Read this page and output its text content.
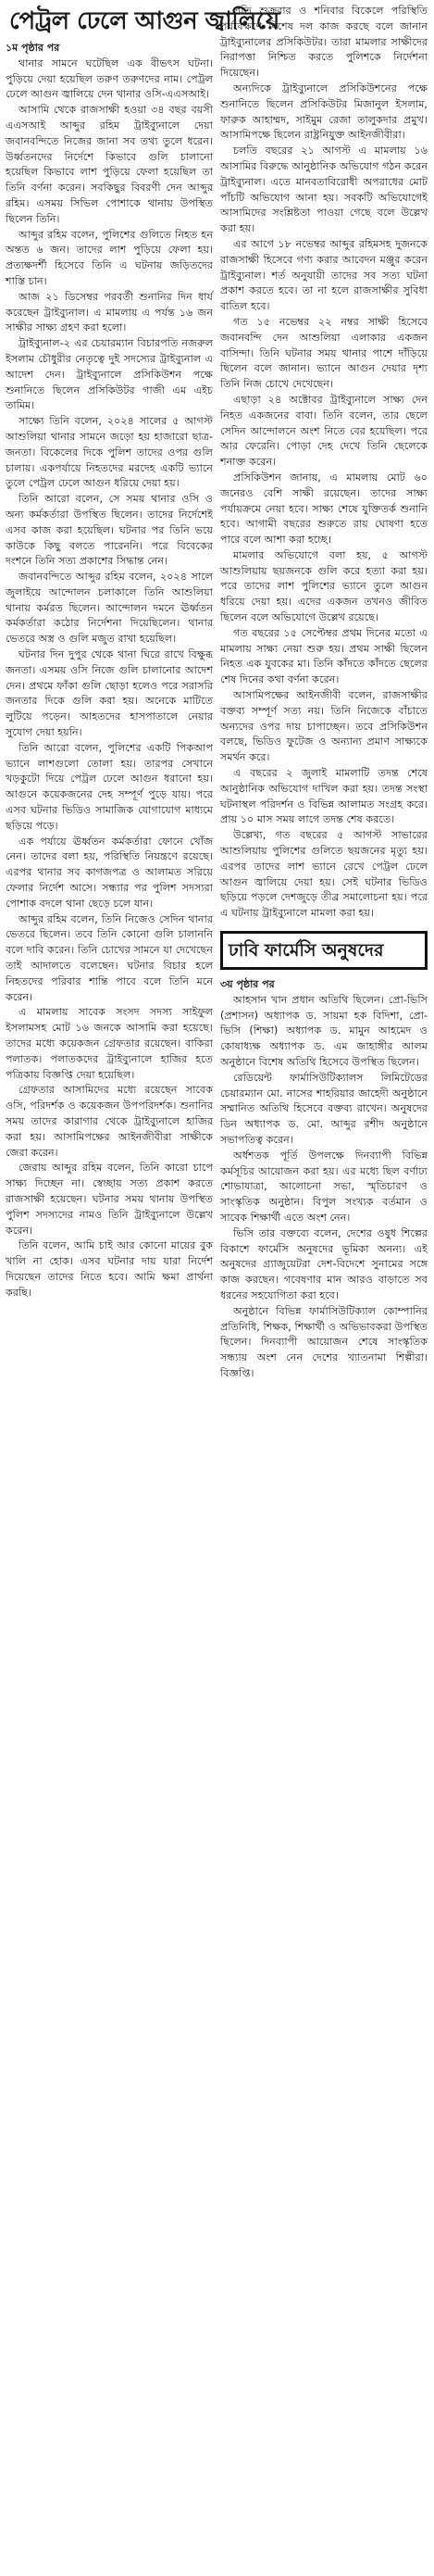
পেট্রল ঢেলে আগুন জ্বালিয়ে

১ম পৃষ্ঠার পর

থানার সামনে ঘটেছিল এক বীভৎস ঘটনা। পুড়িয়ে দেয়া হয়েছিল তরুণ তরুণদের নাম। পেট্রল ঢেলে আগুন জ্বালিয়ে দেন থানার ওসি-এএসআই।

আসামি থেকে রাজসাক্ষী হওয়া ৩৪ বছর বয়সী এএসআই আব্দুর রহিম ট্রাইব্যুনালে দেয়া জবানবন্দিতে নিজের জানা সব তথ্য তুলে ধরেন। উর্ধ্বতনদের নির্দেশে কিভাবে গুলি চালানো হয়েছিল কিভাবে লাশ পুড়িয়ে ফেলা হয়েছিল তা তিনি বর্ণনা করেন। সবকিছুর বিবরণী দেন আব্দুর রহিম। এসময় সিভিল পোশাকে থানায় উপস্থিত ছিলেন তিনি।

আব্দুর রহিম বলেন, পুলিশের গুলিতে নিহত হন অন্তত ৬ জন। তাদের লাশ পুড়িয়ে ফেলা হয়। প্রত্যক্ষদর্শী হিসেবে তিনি এ ঘটনায় জড়িতদের শাস্তি চান।

আজ ২১ ডিসেম্বর পরবর্তী শুনানির দিন ধার্য করেছেন ট্রাইব্যুনাল। এ মামলায় এ পর্যন্ত ১৬ জন সাক্ষীর সাক্ষ্য গ্রহণ করা হলো।

ট্রাইব্যুনাল-২ এর চেয়ারম্যান বিচারপতি নজরুল ইসলাম চৌধুরীর নেতৃত্বে দুই সদস্যের ট্রাইব্যুনাল এ আদেশ দেন। ট্রাইব্যুনালে প্রসিকিউশন পক্ষে শুনানিতে ছিলেন প্রসিকিউটর গাজী এম এইচ তামিম।

সাক্ষ্যে তিনি বলেন, ২০২৪ সালের ৫ আগস্ট আশুলিয়া থানার সামনে জড়ো হয় হাজারো ছাত্র-জনতা। বিকেলের দিকে পুলিশ তাদের ওপর গুলি চালায়। একপর্যায়ে নিহতদের মরদেহ একটি ভ্যানে তুলে পেট্রল ঢেলে আগুন ধরিয়ে দেয়া হয়।

তিনি আরো বলেন, সে সময় থানার ওসি ও অন্য কর্মকর্তারা উপস্থিত ছিলেন। তাদের নির্দেশেই এসব কাজ করা হয়েছিল। ঘটনার পর তিনি ভয়ে কাউকে কিছু বলতে পারেননি। পরে বিবেকের দংশনে তিনি সত্য প্রকাশের সিদ্ধান্ত নেন।

জবানবন্দিতে আব্দুর রহিম বলেন, ২০২৪ সালে জুলাইয়ে আন্দোলন চলাকালে তিনি আশুলিয়া থানায় কর্মরত ছিলেন। আন্দোলন দমনে ঊর্ধ্বতন কর্মকর্তারা কঠোর নির্দেশনা দিয়েছিলেন। থানার ভেতরে অস্ত্র ও গুলি মজুত রাখা হয়েছিল।

ঘটনার দিন দুপুর থেকে থানা ঘিরে রাখে বিক্ষুব্ধ জনতা। এসময় ওসি নিজে গুলি চালানোর আদেশ দেন। প্রথমে ফাঁকা গুলি ছোড়া হলেও পরে সরাসরি জনতার দিকে গুলি করা হয়। অনেকে মাটিতে লুটিয়ে পড়েন। আহতদের হাসপাতালে নেয়ার সুযোগ দেয়া হয়নি।

তিনি আরো বলেন, পুলিশের একটি পিকআপ ভ্যানে লাশগুলো তোলা হয়। তারপর সেখানে খড়কুটো দিয়ে পেট্রল ঢেলে আগুন ধরানো হয়। আগুনে কয়েকজনের দেহ সম্পূর্ণ পুড়ে যায়। পরে এসব ঘটনার ভিডিও সামাজিক যোগাযোগ মাধ্যমে ছড়িয়ে পড়ে।

এক পর্যায়ে ঊর্ধ্বতন কর্মকর্তারা ফোনে খোঁজ নেন। তাদের বলা হয়, পরিস্থিতি নিয়ন্ত্রণে রয়েছে। এরপর থানার সব কাগজপত্র ও আলামত সরিয়ে ফেলার নির্দেশ আসে। সন্ধ্যার পর পুলিশ সদস্যরা পোশাক বদলে থানা ছেড়ে চলে যান।

আব্দুর রহিম বলেন, তিনি নিজেও সেদিন থানার ভেতরে ছিলেন। তবে তিনি কোনো গুলি চালাননি বলে দাবি করেন। তিনি চোখের সামনে যা দেখেছেন তাই আদালতে বলেছেন। ঘটনার বিচার হলে নিহতদের পরিবার শান্তি পাবে বলে তিনি মনে করেন।

এ মামলায় সাবেক সংসদ সদস্য সাইফুল ইসলামসহ মোট ১৬ জনকে আসামি করা হয়েছে। তাদের মধ্যে কয়েকজন গ্রেফতার রয়েছেন। বাকিরা পলাতক। পলাতকদের ট্রাইব্যুনালে হাজির হতে পত্রিকায় বিজ্ঞপ্তি দেয়া হয়েছিল।

গ্রেফতার আসামিদের মধ্যে রয়েছেন সাবেক ওসি, পরিদর্শক ও কয়েকজন উপপরিদর্শক। শুনানির সময় তাদের কারাগার থেকে ট্রাইব্যুনালে হাজির করা হয়। আসামিপক্ষের আইনজীবীরা সাক্ষীকে জেরা করেন।

জেরায় আব্দুর রহিম বলেন, তিনি কারো চাপে সাক্ষ্য দিচ্ছেন না। স্বেচ্ছায় সত্য প্রকাশ করতে রাজসাক্ষী হয়েছেন। ঘটনার সময় থানায় উপস্থিত পুলিশ সদস্যদের নামও তিনি ট্রাইব্যুনালে উল্লেখ করেন।

তিনি বলেন, আমি চাই আর কোনো মায়ের বুক খালি না হোক। এসব ঘটনার দায় যারা নির্দেশ দিয়েছেন তাদের নিতে হবে। আমি ক্ষমা প্রার্থনা করছি।

প্রতি শুক্রবার ও শনিবার বিকেলে পরিস্থিতি পর্যবেক্ষণে বিশেষ দল কাজ করছে বলে জানান ট্রাইব্যুনালের প্রসিকিউটর। তারা মামলার সাক্ষীদের নিরাপত্তা নিশ্চিত করতে পুলিশকে নির্দেশনা দিয়েছেন।

অন্যদিকে ট্রাইব্যুনালে প্রসিকিউশনের পক্ষে শুনানিতে ছিলেন প্রসিকিউটর মিজানুল ইসলাম, ফারুক আহাম্মদ, সাইমুম রেজা তালুকদার প্রমুখ। আসামিপক্ষে ছিলেন রাষ্ট্রনিযুক্ত আইনজীবীরা।

চলতি বছরের ২১ আগস্ট এ মামলায় ১৬ আসামির বিরুদ্ধে আনুষ্ঠানিক অভিযোগ গঠন করেন ট্রাইব্যুনাল। এতে মানবতাবিরোধী অপরাধের মোট পাঁচটি অভিযোগ আনা হয়। সবকটি অভিযোগেই আসামিদের সংশ্লিষ্টতা পাওয়া গেছে বলে উল্লেখ করা হয়।

এর আগে ১৮ নভেম্বর আব্দুর রহিমসহ দুজনকে রাজসাক্ষী হিসেবে গণ্য করার আবেদন মঞ্জুর করেন ট্রাইব্যুনাল। শর্ত অনুযায়ী তাদের সব সত্য ঘটনা প্রকাশ করতে হবে। তা না হলে রাজসাক্ষীর সুবিধা বাতিল হবে।

গত ১৫ নভেম্বর ২২ নম্বর সাক্ষী হিসেবে জবানবন্দি দেন আশুলিয়া এলাকার একজন বাসিন্দা। তিনি ঘটনার সময় থানার পাশে দাঁড়িয়ে ছিলেন বলে জানান। ভ্যানে আগুন দেয়ার দৃশ্য তিনি নিজ চোখে দেখেছেন।

এছাড়া ২৪ অক্টোবর ট্রাইব্যুনালে সাক্ষ্য দেন নিহত একজনের বাবা। তিনি বলেন, তার ছেলে সেদিন আন্দোলনে অংশ নিতে বের হয়েছিল। পরে আর ফেরেনি। পোড়া দেহ দেখে তিনি ছেলেকে শনাক্ত করেন।

প্রসিকিউশন জানায়, এ মামলায় মোট ৬০ জনেরও বেশি সাক্ষী রয়েছেন। তাদের সাক্ষ্য পর্যায়ক্রমে নেয়া হবে। সাক্ষ্য শেষে যুক্তিতর্ক শুনানি হবে। আগামী বছরের শুরুতে রায় ঘোষণা হতে পারে বলে আশা করা হচ্ছে।

মামলার অভিযোগে বলা হয়, ৫ আগস্ট আশুলিয়ায় ছয়জনকে গুলি করে হত্যা করা হয়। পরে তাদের লাশ পুলিশের ভ্যানে তুলে আগুন ধরিয়ে দেয়া হয়। এদের একজন তখনও জীবিত ছিলেন বলে অভিযোগে উল্লেখ রয়েছে।

গত বছরের ১৫ সেপ্টেম্বর প্রথম দিনের মতো এ মামলায় সাক্ষ্য নেয়া শুরু হয়। প্রথম সাক্ষী ছিলেন নিহত এক যুবকের মা। তিনি কাঁদতে কাঁদতে ছেলের শেষ দিনের কথা বর্ণনা করেন।

আসামিপক্ষের আইনজীবী বলেন, রাজসাক্ষীর বক্তব্য সম্পূর্ণ সত্য নয়। তিনি নিজেকে বাঁচাতে অন্যদের ওপর দায় চাপাচ্ছেন। তবে প্রসিকিউশন বলছে, ভিডিও ফুটেজ ও অন্যান্য প্রমাণ সাক্ষ্যকে সমর্থন করে।

এ বছরের ২ জুলাই মামলাটি তদন্ত শেষে আনুষ্ঠানিক অভিযোগ দাখিল করা হয়। তদন্ত সংস্থা ঘটনাস্থল পরিদর্শন ও বিভিন্ন আলামত সংগ্রহ করে। প্রায় ১০ মাস সময় লাগে তদন্ত শেষ করতে।

উল্লেখ্য, গত বছরের ৫ আগস্ট সাভারের আশুলিয়ায় পুলিশের গুলিতে ছয়জনের মৃত্যু হয়। এরপর তাদের লাশ ভ্যানে রেখে পেট্রল ঢেলে আগুন জ্বালিয়ে দেয়া হয়। সেই ঘটনার ভিডিও ছড়িয়ে পড়লে দেশজুড়ে তীব্র সমালোচনা হয়। পরে এ ঘটনায় ট্রাইব্যুনালে মামলা করা হয়।

ঢাবি ফার্মেসি অনুষদের

৩য় পৃষ্ঠার পর

আহসান খান প্রধান অতিথি ছিলেন। প্রো-ভিসি (প্রশাসন) অধ্যাপক ড. সায়মা হক বিদিশা, প্রো-ভিসি (শিক্ষা) অধ্যাপক ড. মামুন আহমেদ ও কোষাধ্যক্ষ অধ্যাপক ড. এম জাহাঙ্গীর আলম অনুষ্ঠানে বিশেষ অতিথি হিসেবে উপস্থিত ছিলেন।

রেডিয়েন্ট ফার্মাসিউটিক্যালস লিমিটেডের চেয়ারম্যান মো. নাসের শাহরিয়ার জাহেদী অনুষ্ঠানে সম্মানিত অতিথি হিসেবে বক্তব্য রাখেন। অনুষদের ডিন অধ্যাপক ড. মো. আব্দুর রশীদ অনুষ্ঠানে সভাপতিত্ব করেন।

অর্ধশতক পূর্তি উপলক্ষে দিনব্যাপী বিভিন্ন কর্মসূচির আয়োজন করা হয়। এর মধ্যে ছিল বর্ণাঢ্য শোভাযাত্রা, আলোচনা সভা, স্মৃতিচারণ ও সাংস্কৃতিক অনুষ্ঠান। বিপুল সংখ্যক বর্তমান ও সাবেক শিক্ষার্থী এতে অংশ নেন।

ভিসি তার বক্তব্যে বলেন, দেশের ওষুধ শিল্পের বিকাশে ফার্মেসি অনুষদের ভূমিকা অনন্য। এই অনুষদের গ্র্যাজুয়েটরা দেশ-বিদেশে সুনামের সঙ্গে কাজ করছেন। গবেষণার মান আরও বাড়াতে সব ধরনের সহযোগিতা করা হবে।

অনুষ্ঠানে বিভিন্ন ফার্মাসিউটিক্যাল কোম্পানির প্রতিনিধি, শিক্ষক, শিক্ষার্থী ও অভিভাবকরা উপস্থিত ছিলেন। দিনব্যাপী আয়োজন শেষে সাংস্কৃতিক সন্ধ্যায় অংশ নেন দেশের খ্যাতনামা শিল্পীরা। বিজ্ঞপ্তি।
